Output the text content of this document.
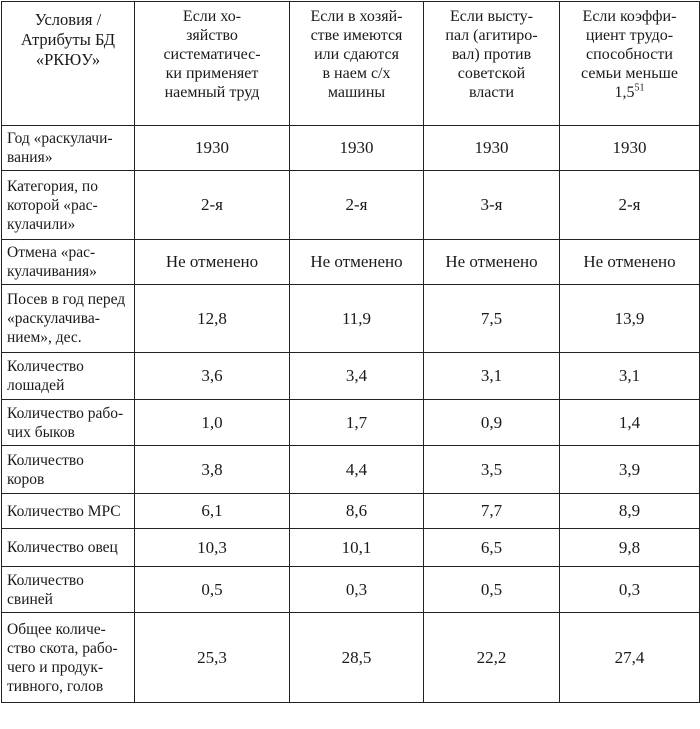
Условия /
Атрибуты БД
«РКЮУ»	Если хо-
зяйство
систематичес-
ки применяет
наемный труд	Если в хозяй-
стве имеются
или сдаются
в наем с/х
машины	Если высту-
пал (агитиро-
вал) против
советской
власти	Если коэффи-
циент трудо-
способности
семьи меньше
$1,5^{51}$
Год «раскулачи-
вания»	1930	1930	1930	1930
Категория, по
которой «рас-
кулачили»	2-я	2-я	3-я	2-я
Отмена «рас-
кулачивания»	Не отменено	Не отменено	Не отменено	Не отменено
Посев в год перед
«раскулачива-
нием», дес.	12,8	11,9	7,5	13,9
Количество
лошадей	3,6	3,4	3,1	3,1
Количество рабо-
чих быков	1,0	1,7	0,9	1,4
Количество
коров	3,8	4,4	3,5	3,9
Количество МРС	6,1	8,6	7,7	8,9
Количество овец	10,3	10,1	6,5	9,8
Количество
свиней	0,5	0,3	0,5	0,3
Общее количе-
ство скота, рабо-
чего и продук-
тивного, голов	25,3	28,5	22,2	27,4
